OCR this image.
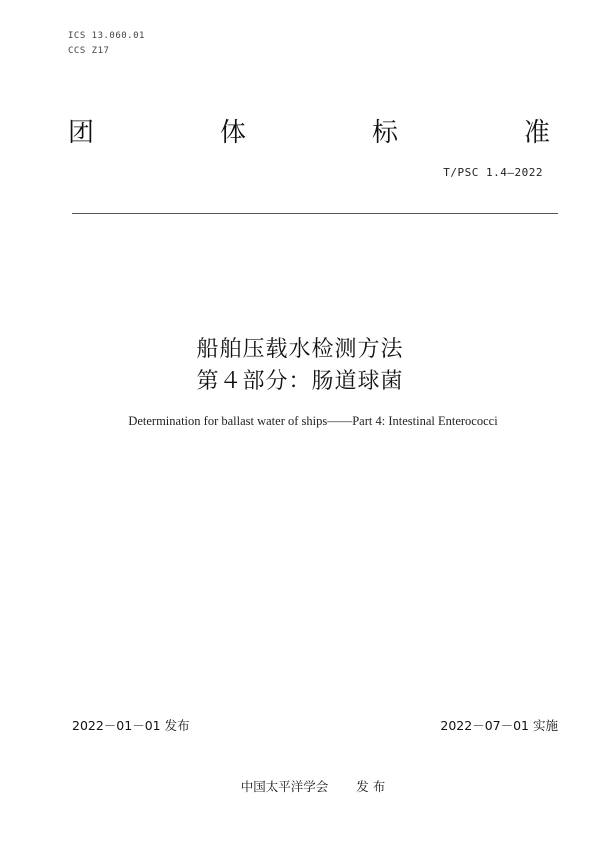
ICS 13.060.01
CCS Z17
团	体	标	准
T/PSC 1.4—2022
船舶压载水检测方法
第４部分：肠道球菌
Determination for ballast water of ships——Part 4: Intestinal Enterococci
2022－01－01 发布	2022－07－01 实施
中国太平洋学会 发 布
